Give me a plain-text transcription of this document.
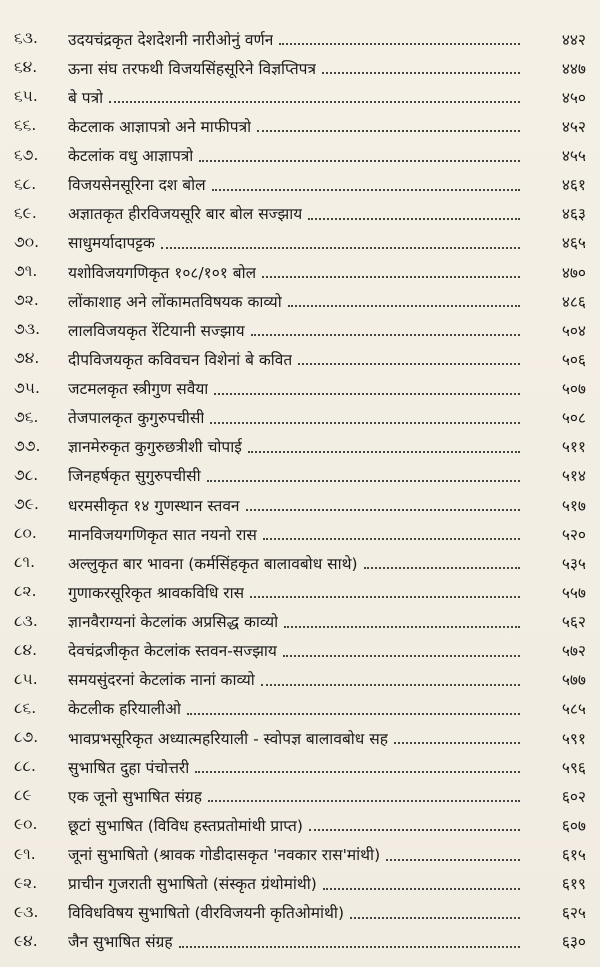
૬૩.	उदयचंद्रकृत देशदेशनी नारीओनुं वर्णन	४४२
૬૪.	ऊना संघ तरफथी विजयसिंहसूरिने विज्ञप्तिपत्र	४४७
૬૫.	बे पत्रो	४५०
૬૬.	केटलाक आज्ञापत्रो अने माफीपत्रो	४५२
૬૭.	केटलांक वधु आज्ञापत्रो	४५५
૬૮.	विजयसेनसूरिना दश बोल	४६१
૬૯.	अज्ञातकृत हीरविजयसूरि बार बोल सज्झाय	४६३
૭૦.	साधुमर्यादापट्टक	४६५
૭૧.	यशोविजयगणिकृत १०८/१०१ बोल	४७०
૭૨.	लोंकाशाह अने लोंकामतविषयक काव्यो	४८६
૭૩.	लालविजयकृत रेंटियानी सज्झाय	५०४
૭૪.	दीपविजयकृत कविवचन विशेनां बे कवित	५०६
૭૫.	जटमलकृत स्त्रीगुण सवैया	५०७
૭૬.	तेजपालकृत कुगुरुपचीसी	५०८
૭૭.	ज्ञानमेरुकृत कुगुरुछत्रीशी चोपाई	५११
૭૮.	जिनहर्षकृत सुगुरुपचीसी	५१४
૭૯.	धरमसीकृत १४ गुणस्थान स्तवन	५१७
૮૦.	मानविजयगणिकृत सात नयनो रास	५२०
૮૧.	अल्लुकृत बार भावना (कर्मसिंहकृत बालावबोध साथे)	५३५
૮૨.	गुणाकरसूरिकृत श्रावकविधि रास	५५७
૮૩.	ज्ञानवैराग्यनां केटलांक अप्रसिद्ध काव्यो	५६२
૮૪.	देवचंद्रजीकृत केटलांक स्तवन-सज्झाय	५७२
૮૫.	समयसुंदरनां केटलांक नानां काव्यो	५७७
૮૬.	केटलीक हरियालीओ	५८५
૮૭.	भावप्रभसूरिकृत अध्यात्महरियाली - स्वोपज्ञ बालावबोध सह	५९१
૮૮.	सुभाषित दुहा पंचोत्तरी	५९६
૮૯	एक जूनो सुभाषित संग्रह	६०२
૯૦.	छूटां सुभाषित (विविध हस्तप्रतोमांथी प्राप्त)	६०७
૯૧.	जूनां सुभाषितो (श्रावक गोडीदासकृत 'नवकार रास'मांथी)	६१५
૯૨.	प्राचीन गुजराती सुभाषितो (संस्कृत ग्रंथोमांथी)	६१९
૯૩.	विविधविषय सुभाषितो (वीरविजयनी कृतिओमांथी)	६२५
૯૪.	जैन सुभाषित संग्रह	६३०
